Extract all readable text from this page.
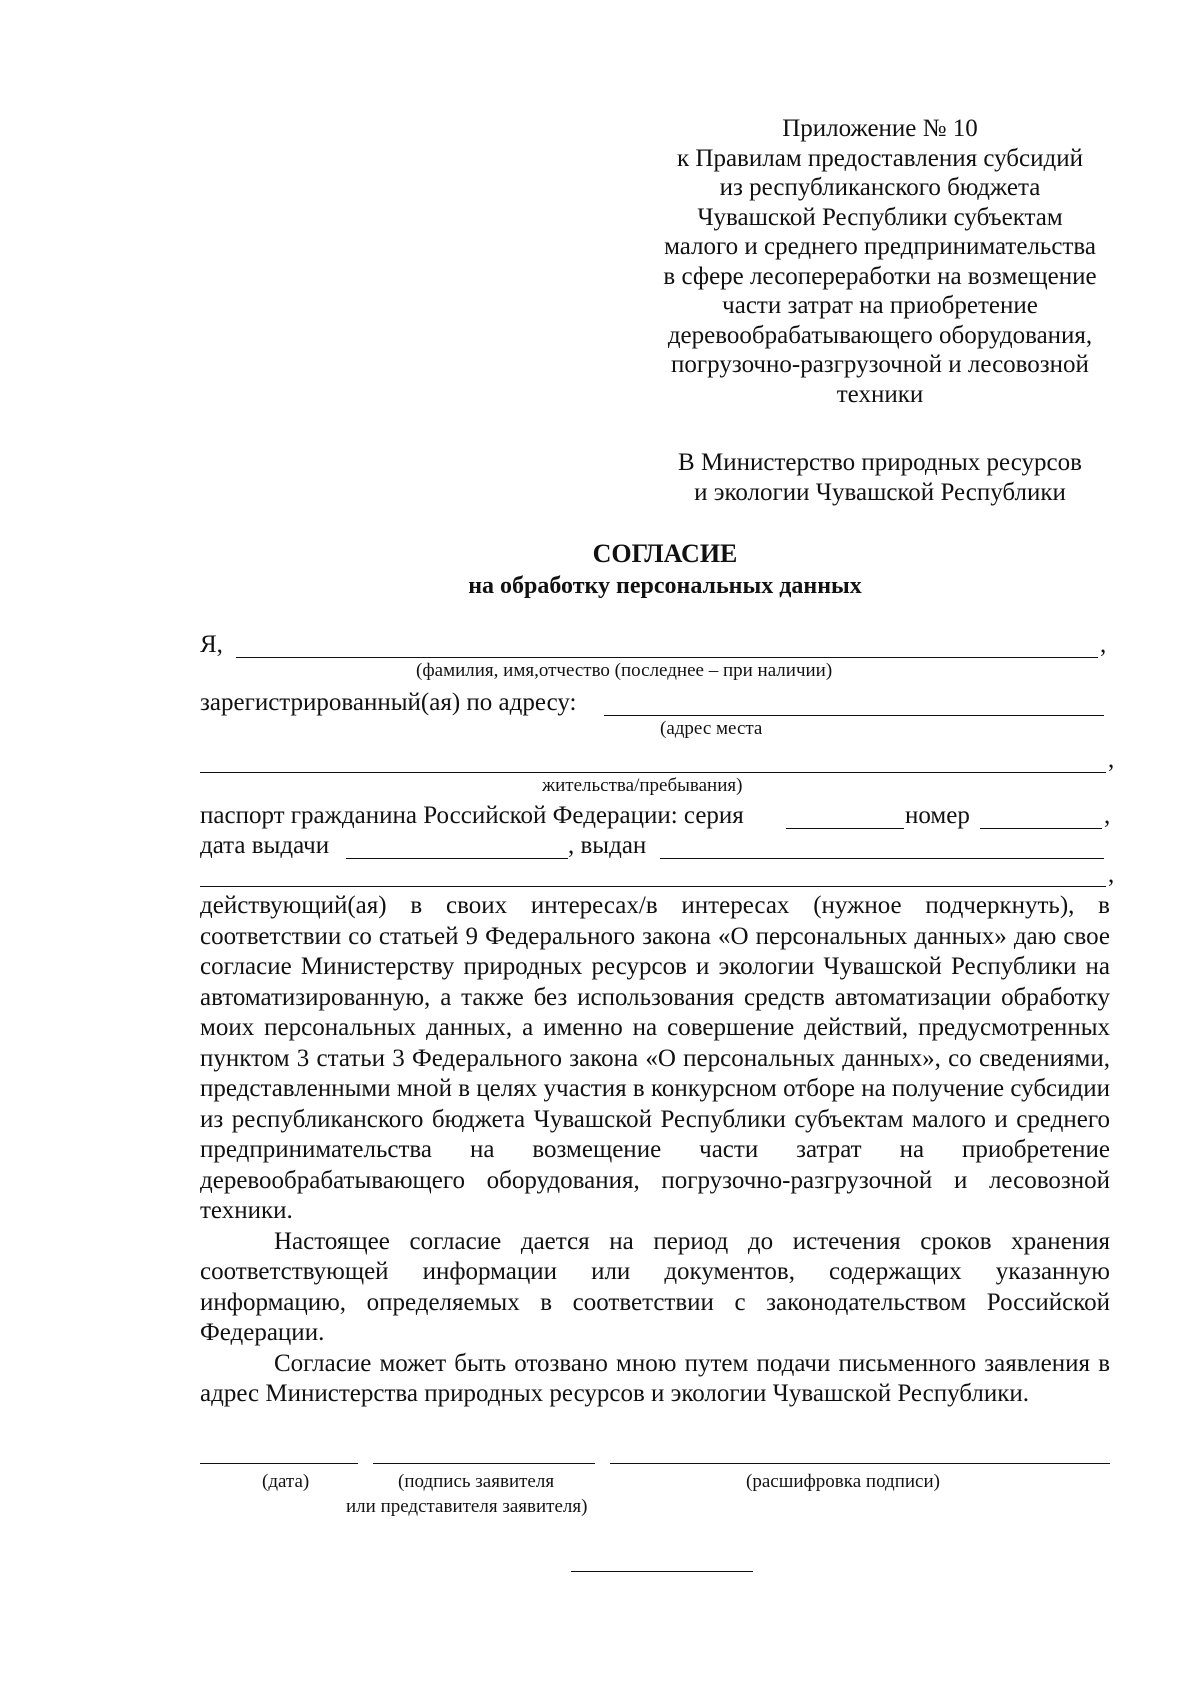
Приложение № 10
к Правилам предоставления субсидий
из республиканского бюджета
Чувашской Республики субъектам
малого и среднего предпринимательства
в сфере лесопереработки на возмещение
части затрат на приобретение
деревообрабатывающего оборудования,
погрузочно-разгрузочной и лесовозной
техники
В Министерство природных ресурсов
и экологии Чувашской Республики
СОГЛАСИЕ
на обработку персональных данных
Я,	,
(фамилия, имя,отчество (последнее – при наличии)
зарегистрированный(ая) по адресу:
(адрес места
,
жительства/пребывания)
паспорт гражданина Российской Федерации: серия	номер	,
дата выдачи	, выдан
,

действующий(ая) в своих интересах/в интересах (нужное подчеркнуть), в соответствии со статьей 9 Федерального закона «О персональных данных» даю свое согласие Министерству природных ресурсов и экологии Чувашской Республики на автоматизированную, а также без использования средств автоматизации обработку моих персональных данных, а именно на совершение действий, предусмотренных пунктом 3 статьи 3 Федерального закона «О персональных данных», со сведениями, представленными мной в целях участия в конкурсном отборе на получение субсидии из республиканского бюджета Чувашской Республики субъектам малого и среднего предпринимательства на возмещение части затрат на приобретение деревообрабатывающего оборудования, погрузочно-разгрузочной и лесовозной техники.

Настоящее согласие дается на период до истечения сроков хранения соответствующей информации или документов, содержащих указанную информацию, определяемых в соответствии с законодательством Российской Федерации.

Согласие может быть отозвано мною путем подачи письменного заявления в адрес Министерства природных ресурсов и экологии Чувашской Республики.

(дата)	(подпись заявителя
или представителя заявителя)
(расшифровка подписи)
